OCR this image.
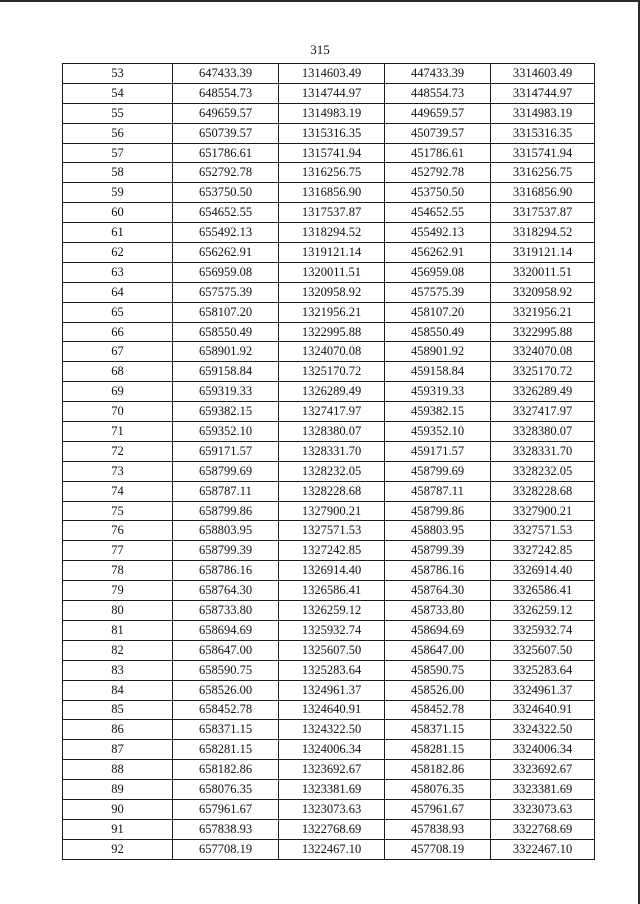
315
53	647433.39	1314603.49	447433.39	3314603.49
54	648554.73	1314744.97	448554.73	3314744.97
55	649659.57	1314983.19	449659.57	3314983.19
56	650739.57	1315316.35	450739.57	3315316.35
57	651786.61	1315741.94	451786.61	3315741.94
58	652792.78	1316256.75	452792.78	3316256.75
59	653750.50	1316856.90	453750.50	3316856.90
60	654652.55	1317537.87	454652.55	3317537.87
61	655492.13	1318294.52	455492.13	3318294.52
62	656262.91	1319121.14	456262.91	3319121.14
63	656959.08	1320011.51	456959.08	3320011.51
64	657575.39	1320958.92	457575.39	3320958.92
65	658107.20	1321956.21	458107.20	3321956.21
66	658550.49	1322995.88	458550.49	3322995.88
67	658901.92	1324070.08	458901.92	3324070.08
68	659158.84	1325170.72	459158.84	3325170.72
69	659319.33	1326289.49	459319.33	3326289.49
70	659382.15	1327417.97	459382.15	3327417.97
71	659352.10	1328380.07	459352.10	3328380.07
72	659171.57	1328331.70	459171.57	3328331.70
73	658799.69	1328232.05	458799.69	3328232.05
74	658787.11	1328228.68	458787.11	3328228.68
75	658799.86	1327900.21	458799.86	3327900.21
76	658803.95	1327571.53	458803.95	3327571.53
77	658799.39	1327242.85	458799.39	3327242.85
78	658786.16	1326914.40	458786.16	3326914.40
79	658764.30	1326586.41	458764.30	3326586.41
80	658733.80	1326259.12	458733.80	3326259.12
81	658694.69	1325932.74	458694.69	3325932.74
82	658647.00	1325607.50	458647.00	3325607.50
83	658590.75	1325283.64	458590.75	3325283.64
84	658526.00	1324961.37	458526.00	3324961.37
85	658452.78	1324640.91	458452.78	3324640.91
86	658371.15	1324322.50	458371.15	3324322.50
87	658281.15	1324006.34	458281.15	3324006.34
88	658182.86	1323692.67	458182.86	3323692.67
89	658076.35	1323381.69	458076.35	3323381.69
90	657961.67	1323073.63	457961.67	3323073.63
91	657838.93	1322768.69	457838.93	3322768.69
92	657708.19	1322467.10	457708.19	3322467.10
